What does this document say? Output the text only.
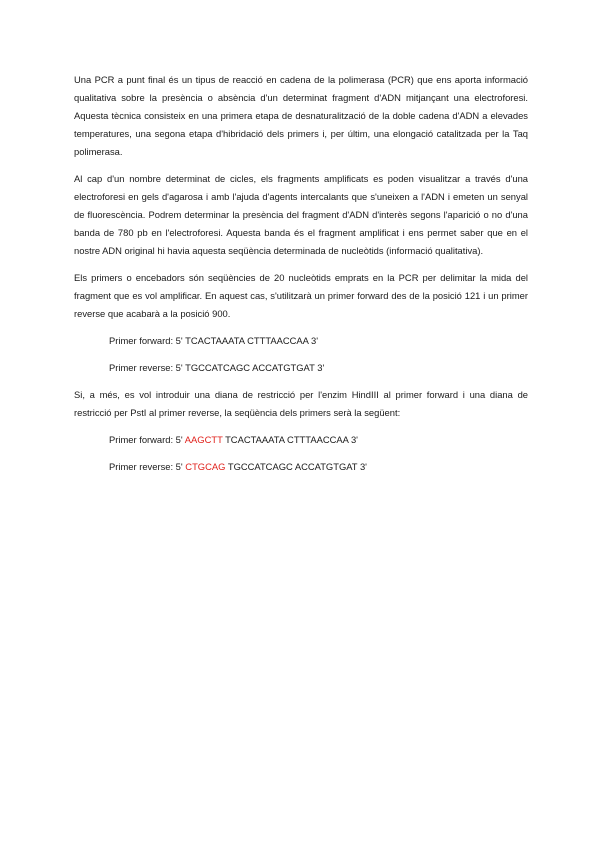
Una PCR a punt final és un tipus de reacció en cadena de la polimerasa (PCR) que ens aporta informació qualitativa sobre la presència o absència d'un determinat fragment d'ADN mitjançant una electroforesi. Aquesta tècnica consisteix en una primera etapa de desnaturalització de la doble cadena d'ADN a elevades temperatures, una segona etapa d'hibridació dels primers i, per últim, una elongació catalitzada per la Taq polimerasa.

Al cap d'un nombre determinat de cicles, els fragments amplificats es poden visualitzar a través d'una electroforesi en gels d'agarosa i amb l'ajuda d'agents intercalants que s'uneixen a l'ADN i emeten un senyal de fluorescència. Podrem determinar la presència del fragment d'ADN d'interès segons l'aparició o no d'una banda de 780 pb en l'electroforesi. Aquesta banda és el fragment amplificat i ens permet saber que en el nostre ADN original hi havia aquesta seqüència determinada de nucleòtids (informació qualitativa).

Els primers o encebadors són seqüències de 20 nucleòtids emprats en la PCR per delimitar la mida del fragment que es vol amplificar. En aquest cas, s'utilitzarà un primer forward des de la posició 121 i un primer reverse que acabarà a la posició 900.

Primer forward: 5' TCACTAAATA CTTTAACCAA 3'
Primer reverse: 5' TGCCATCAGC ACCATGTGAT 3'

Si, a més, es vol introduir una diana de restricció per l'enzim HindIII al primer forward i una diana de restricció per PstI al primer reverse, la seqüència dels primers serà la següent:

Primer forward: 5' AAGCTT TCACTAAATA CTTTAACCAA 3'
Primer reverse: 5' CTGCAG TGCCATCAGC ACCATGTGAT 3'
